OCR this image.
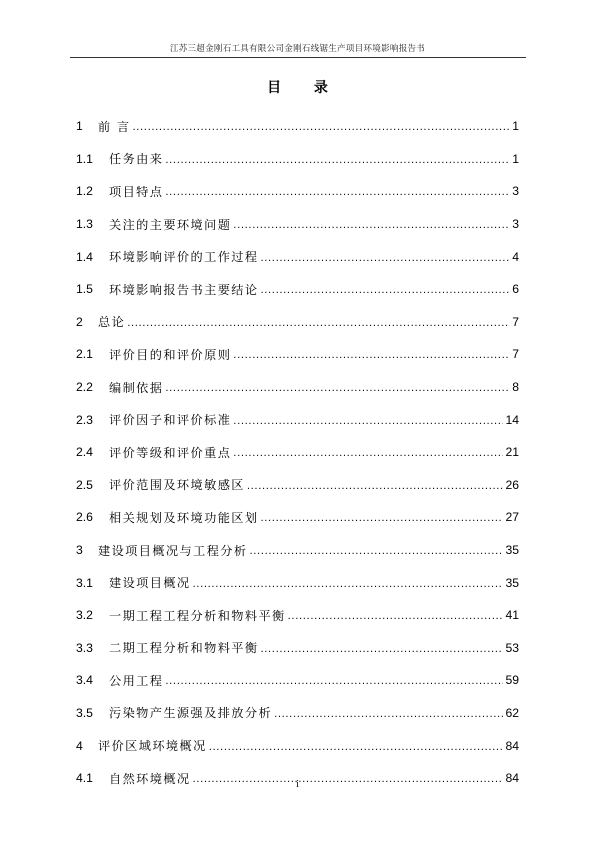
江苏三超金刚石工具有限公司金刚石线锯生产项目环境影响报告书
目 录
1	前 言 .....	1
1.1	任务由来 .....	1
1.2	项目特点 .....	3
1.3	关注的主要环境问题 .....	3
1.4	环境影响评价的工作过程 .....	4
1.5	环境影响报告书主要结论 .....	6
2	总论 .....	7
2.1	评价目的和评价原则 .....	7
2.2	编制依据 .....	8
2.3	评价因子和评价标准 .....	14
2.4	评价等级和评价重点 .....	21
2.5	评价范围及环境敏感区 .....	26
2.6	相关规划及环境功能区划 .....	27
3	建设项目概况与工程分析 .....	35
3.1	建设项目概况 .....	35
3.2	一期工程工程分析和物料平衡 .....	41
3.3	二期工程分析和物料平衡 .....	53
3.4	公用工程 .....	59
3.5	污染物产生源强及排放分析 .....	62
4	评价区域环境概况 .....	84
4.1	自然环境概况 .....	84
i
